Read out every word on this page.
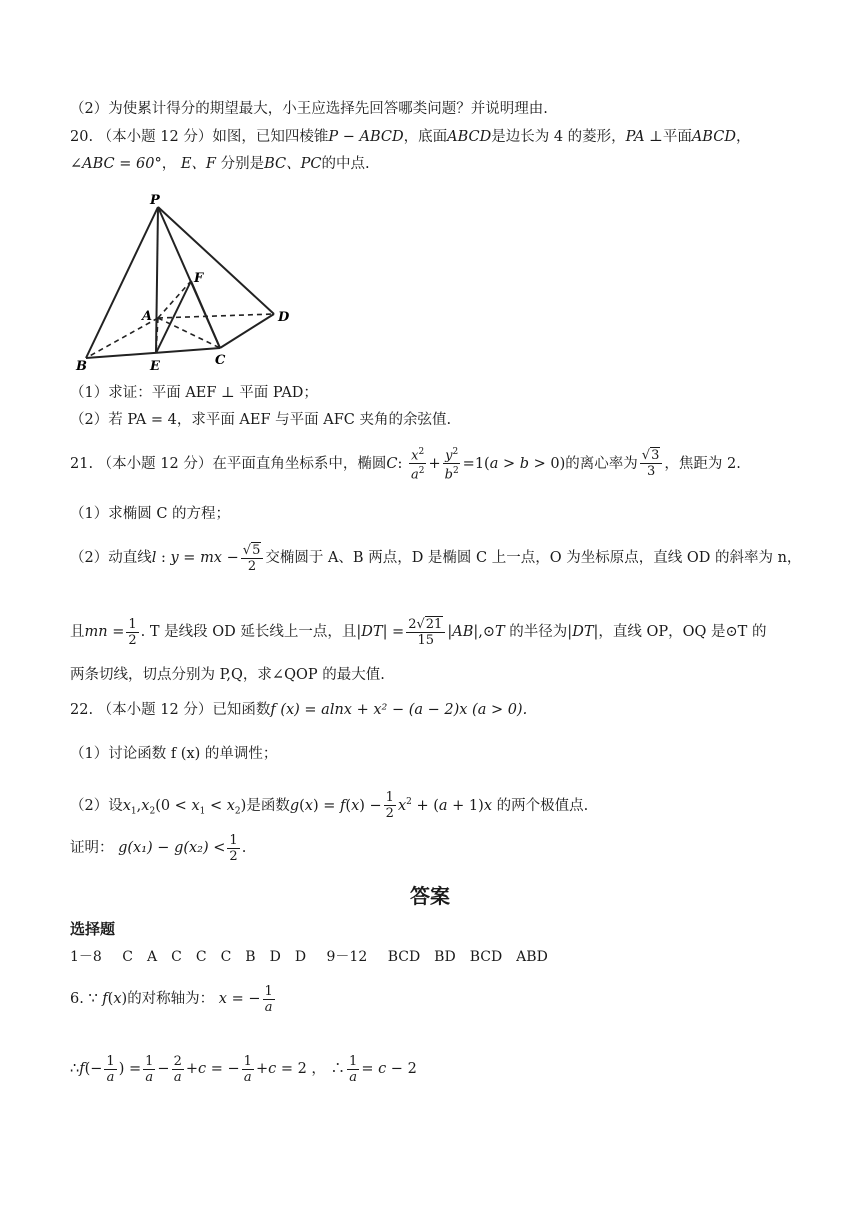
（2）为使累计得分的期望最大，小王应选择先回答哪类问题？并说明理由.
20. （本小题 12 分）如图，已知四棱锥P − ABCD，底面ABCD是边长为 4 的菱形，PA ⊥平面ABCD，
∠ABC = 60°， E、F 分别是BC、PC的中点.
P
F
A	D
B	E	C
（1）求证：平面 AEF ⊥ 平面 PAD；
（2）若 PA = 4，求平面 AEF 与平面 AFC 夹角的余弦值.
21. （本小题 12 分）在平面直角坐标系中，椭圆C: $\frac{x^2}{a^2} + \frac{y^2}{b^2} =1(a > b > 0)$的离心率为 $\frac{√3}{3}$ ，焦距为 2.
（1）求椭圆 C 的方程；
（2）动直线l : y = mx − $\frac{√5}{2}$ 交椭圆于 A、B 两点，D 是椭圆 C 上一点，O 为坐标原点，直线 OD 的斜率为 n，
且mn = $\frac{1}{2}$ . T 是线段 OD 延长线上一点，且$|DT| = \frac{2√21}{15}$ |AB|,⊙T 的半径为|DT|，直线 OP，OQ 是⊙T 的
两条切线，切点分别为 P,Q，求∠QOP 的最大值.
22. （本小题 12 分）已知函数f (x) = alnx + x² − (a − 2)x (a > 0).
（1）讨论函数 f (x) 的单调性；
（2）设$x_1,x_2(0 < x_1 < x_2)$是函数$g(x) = f(x) - \frac{1}{2} x^2 + (a + 1)x$ 的两个极值点.
证明： $g(x_1) - g(x_2) < \frac{1}{2}$ .
答案
选择题
1－8 C A C C C B D D 9－12 BCD BD BCD ABD
6. ∵ f(x)的对称轴为： x = − $\frac{1}{a}$
∴f(− $\frac{1}{a}$ ) = $\frac{1}{a} - \frac{2}{a} +c$ = − $\frac{1}{a} +c = 2$ ， ∴ $\frac{1}{a} = c - 2$
